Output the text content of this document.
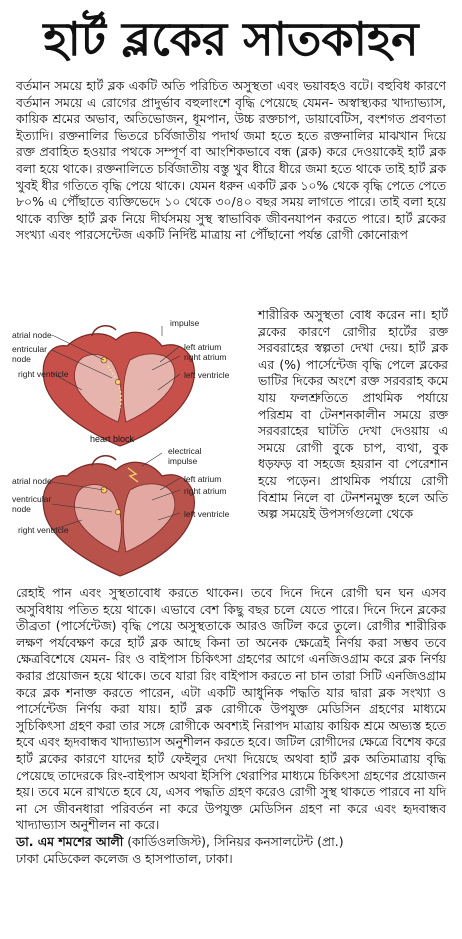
হার্ট ব্লকের সাতকাহন

বর্তমান সময়ে হার্ট ব্লক একটি অতি পরিচিত অসুস্থতা এবং ভয়াবহও বটে। বহুবিধ কারণে বর্তমান সময়ে এ রোগের প্রাদুর্ভাব বহুলাংশে বৃদ্ধি পেয়েছে যেমন- অস্বাস্থ্যকর খাদ্যাভ্যাস, কায়িক শ্রমের অভাব, অতিভোজন, ধূমপান, উচ্চ রক্তচাপ, ডায়াবেটিস, বংশগত প্রবণতা ইত্যাদি। রক্তনালির ভিতরে চর্বিজাতীয় পদার্থ জমা হতে হতে রক্তনালির মাঝখান দিয়ে রক্ত প্রবাহিত হওয়ার পথকে সম্পূর্ণ বা আংশিকভাবে বন্ধ (ব্লক) করে দেওয়াকেই হার্ট ব্লক বলা হয়ে থাকে। রক্তনালিতে চর্বিজাতীয় বস্তু খুব ধীরে ধীরে জমা হতে থাকে তাই হার্ট ব্লক খুবই ধীর গতিতে বৃদ্ধি পেয়ে থাকে। যেমন ধরুন একটি ব্লক ১০% থেকে বৃদ্ধি পেতে পেতে ৮০% এ পৌঁছাতে ব্যক্তিভেদে ১০ থেকে ৩০/৪০ বছর সময় লাগতে পারে। তাই বলা হয়ে থাকে ব্যক্তি হার্ট ব্লক নিয়ে দীর্ঘসময় সুস্থ স্বাভাবিক জীবনযাপন করতে পারে। হার্ট ব্লকের সংখ্যা এবং পারসেন্টেজ একটি নির্দিষ্ট মাত্রায় না পৌঁছানো পর্যন্ত রোগী কোনোরূপ

impulse
atrial node
entricular
node
left atrium
right atrium
right ventricle	left ventricle
heart block
electrical
impulse
atrial node
ventricular
node
left atrium
right atrium
right ventricle
left ventricle
শারীরিক অসুস্থতা বোধ করেন না। হার্ট ব্লকের কারণে রোগীর হার্টের রক্ত সরবরাহের স্বল্পতা দেখা দেয়। হার্ট ব্লক এর (%) পার্সেন্টেজ বৃদ্ধি পেলে ব্লকের ভাটির দিকের অংশে রক্ত সরবরাহ কমে যায় ফলশ্রুতিতে প্রাথমিক পর্যায়ে পরিশ্রম বা টেনশনকালীন সময়ে রক্ত সরবরাহের ঘাটতি দেখা দেওয়ায় এ সময়ে রোগী বুকে চাপ, ব্যথা, বুক ধড়ফড় বা সহজে হয়রান বা পেরেশান হয়ে পড়েন। প্রাথমিক পর্যায়ে রোগী বিশ্রাম নিলে বা টেনশনমুক্ত হলে অতি অল্প সময়েই উপসর্গগুলো থেকে
রেহাই পান এবং সুস্থতাবোধ করতে থাকেন। তবে দিনে দিনে রোগী ঘন ঘন এসব অসুবিধায় পতিত হয়ে থাকে। এভাবে বেশ কিছু বছর চলে যেতে পারে। দিনে দিনে ব্লকের তীব্রতা (পার্সেন্টেজ) বৃদ্ধি পেয়ে অসুস্থতাকে আরও জটিল করে তুলে। রোগীর শারীরিক লক্ষণ পর্যবেক্ষণ করে হার্ট ব্লক আছে কিনা তা অনেক ক্ষেত্রেই নির্ণয় করা সম্ভব তবে ক্ষেত্রবিশেষে যেমন- রিং ও বাইপাস চিকিৎসা গ্রহণের আগে এনজিওগ্রাম করে ব্লক নির্ণয় করার প্রয়োজন হয়ে থাকে। তবে যারা রিং বাইপাস করতে না চান তারা সিটি এনজিওগ্রাম করে ব্লক শনাক্ত করতে পারেন, এটা একটি আধুনিক পদ্ধতি যার দ্বারা ব্লক সংখ্যা ও পার্সেন্টেজ নির্ণয় করা যায়। হার্ট ব্লক রোগীকে উপযুক্ত মেডিসিন গ্রহণের মাধ্যমে সুচিকিৎসা গ্রহণ করা তার সঙ্গে রোগীকে অবশ্যই নিরাপদ মাত্রায় কায়িক শ্রমে অভ্যস্ত হতে হবে এবং হৃদবান্ধব খাদ্যাভ্যাস অনুশীলন করতে হবে। জটিল রোগীদের ক্ষেত্রে বিশেষ করে হার্ট ব্লকের কারণে যাদের হার্ট ফেইলুর দেখা দিয়েছে অথবা হার্ট ব্লক অতিমাত্রায় বৃদ্ধি পেয়েছে তাদেরকে রিং-বাইপাস অথবা ইসিপি থেরাপির মাধ্যমে চিকিৎসা গ্রহণের প্রয়োজন হয়। তবে মনে রাখতে হবে যে, এসব পদ্ধতি গ্রহণ করেও রোগী সুস্থ থাকতে পারবে না যদি না সে জীবনধারা পরিবর্তন না করে উপযুক্ত মেডিসিন গ্রহণ না করে এবং হৃদবান্ধব খাদ্যাভ্যাস অনুশীলন না করে।
ডা. এম শমশের আলী (কার্ডিওলজিস্ট), সিনিয়র কনসালটেন্ট (প্রা.)
ঢাকা মেডিকেল কলেজ ও হাসপাতাল, ঢাকা।
